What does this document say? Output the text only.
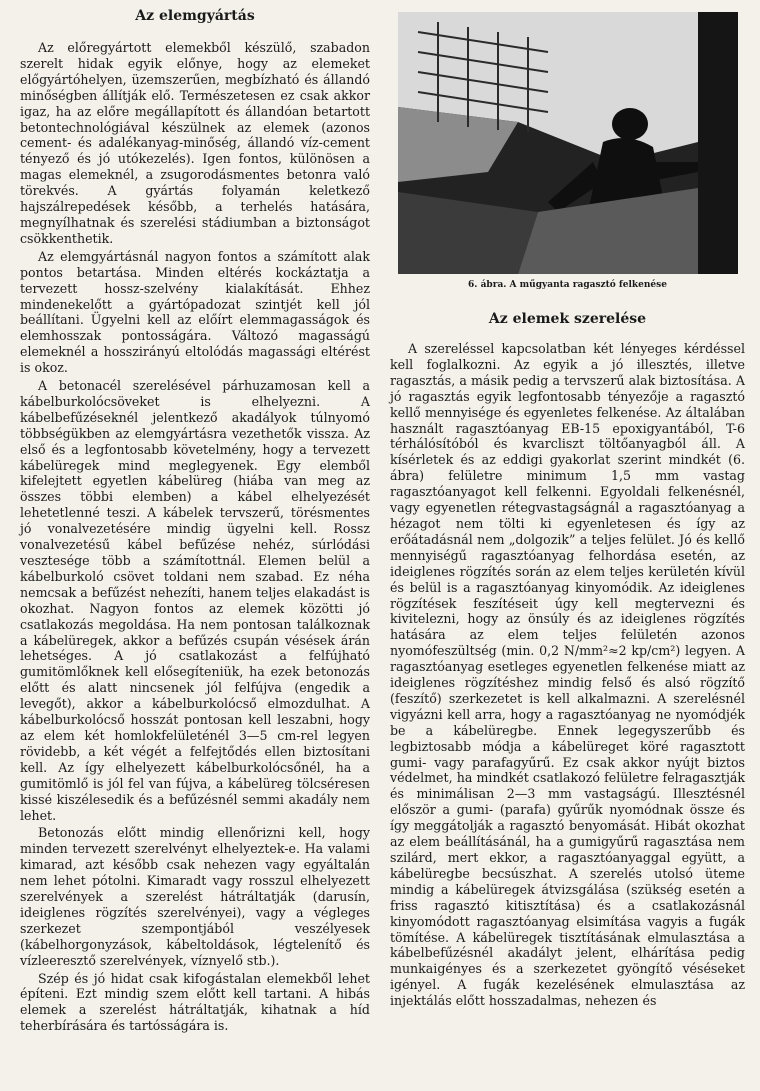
Az elemgyártás

Az előregyártott elemekből készülő, szabadon szerelt hidak egyik előnye, hogy az elemeket előgyártóhelyen, üzemszerűen, megbízható és állandó minőségben állítják elő. Természetesen ez csak akkor igaz, ha az előre megállapított és állandóan betartott betontechnológiával készülnek az elemek (azonos cement- és adalékanyag-minőség, állandó víz-cement tényező és jó utókezelés). Igen fontos, különösen a magas elemeknél, a zsugorodásmentes betonra való törekvés. A gyártás folyamán keletkező hajszálrepedések később, a terhelés hatására, megnyílhatnak és szerelési stádiumban a biztonságot csökkenthetik.

Az elemgyártásnál nagyon fontos a számított alak pontos betartása. Minden eltérés kockáztatja a tervezett hossz-szelvény kialakítását. Ehhez mindenekelőtt a gyártópadozat szintjét kell jól beállítani. Ügyelni kell az előírt elemmagasságok és elemhosszak pontosságára. Változó magasságú elemeknél a hosszirányú eltolódás magassági eltérést is okoz.

A betonacél szerelésével párhuzamosan kell a kábelburkolócsöveket is elhelyezni. A kábelbefűzéseknél jelentkező akadályok túlnyomó többségükben az elemgyártásra vezethetők vissza. Az első és a legfontosabb követelmény, hogy a tervezett kábelüregek mind meglegyenek. Egy elemből kifelejtett egyetlen kábelüreg (hiába van meg az összes többi elemben) a kábel elhelyezését lehetetlenné teszi. A kábelek tervszerű, törésmentes jó vonalvezetésére mindig ügyelni kell. Rossz vonalvezetésű kábel befűzése nehéz, súrlódási vesztesége több a számítottnál. Elemen belül a kábelburkoló csövet toldani nem szabad. Ez néha nemcsak a befűzést nehezíti, hanem teljes elakadást is okozhat. Nagyon fontos az elemek közötti jó csatlakozás megoldása. Ha nem pontosan találkoznak a kábelüregek, akkor a befűzés csupán vésések árán lehetséges. A jó csatlakozást a felfújható gumitömlőknek kell elősegíteniük, ha ezek betonozás előtt és alatt nincsenek jól felfújva (engedik a levegőt), akkor a kábelburkolócső elmozdulhat. A kábelburkolócső hosszát pontosan kell leszabni, hogy az elem két homlokfelületénél 3—5 cm-rel legyen rövidebb, a két végét a felfejtődés ellen biztosítani kell. Az így elhelyezett kábelburkolócsőnél, ha a gumitömlő is jól fel van fújva, a kábelüreg tölcséresen kissé kiszélesedik és a befűzésnél semmi akadály nem lehet.

Betonozás előtt mindig ellenőrizni kell, hogy minden tervezett szerelvényt elhelyeztek-e. Ha valami kimarad, azt később csak nehezen vagy egyáltalán nem lehet pótolni. Kimaradt vagy rosszul elhelyezett szerelvények a szerelést hátráltatják (darusín, ideiglenes rögzítés szerelvényei), vagy a végleges szerkezet szempontjából veszélyesek (kábelhorgonyzások, kábeltoldások, légtelenítő és vízleeresztő szerelvények, víznyelő stb.).

Szép és jó hidat csak kifogástalan elemekből lehet építeni. Ezt mindig szem előtt kell tartani. A hibás elemek a szerelést hátráltatják, kihatnak a híd teherbírására és tartósságára is.

6. ábra. A műgyanta ragasztó felkenése
Az elemek szerelése

A szereléssel kapcsolatban két lényeges kérdéssel kell foglalkozni. Az egyik a jó illesztés, illetve ragasztás, a másik pedig a tervszerű alak biztosítása. A jó ragasztás egyik legfontosabb tényezője a ragasztó kellő mennyisége és egyenletes felkenése. Az általában használt ragasztóanyag EB-15 epoxigyantából, T-6 térhálósítóból és kvarcliszt töltőanyagból áll. A kísérletek és az eddigi gyakorlat szerint mindkét (6. ábra) felületre minimum 1,5 mm vastag ragasztóanyagot kell felkenni. Egyoldali felkenésnél, vagy egyenetlen rétegvastagságnál a ragasztóanyag a hézagot nem tölti ki egyenletesen és így az erőátadásnál nem „dolgozik” a teljes felület. Jó és kellő mennyiségű ragasztóanyag felhordása esetén, az ideiglenes rögzítés során az elem teljes kerületén kívül és belül is a ragasztóanyag kinyomódik. Az ideiglenes rögzítések feszítéseit úgy kell megtervezni és kivitelezni, hogy az önsúly és az ideiglenes rögzítés hatására az elem teljes felületén azonos nyomófeszültség (min. 0,2 N/mm²≈2 kp/cm²) legyen. A ragasztóanyag esetleges egyenetlen felkenése miatt az ideiglenes rögzítéshez mindig felső és alsó rögzítő (feszítő) szerkezetet is kell alkalmazni. A szerelésnél vigyázni kell arra, hogy a ragasztóanyag ne nyomódjék be a kábelüregbe. Ennek legegyszerűbb és legbiztosabb módja a kábelüreget köré ragasztott gumi- vagy parafagyűrű. Ez csak akkor nyújt biztos védelmet, ha mindkét csatlakozó felületre felragasztják és minimálisan 2—3 mm vastagságú. Illesztésnél először a gumi- (parafa) gyűrűk nyomódnak össze és így meggátolják a ragasztó benyomását. Hibát okozhat az elem beállításánál, ha a gumigyűrű ragasztása nem szilárd, mert ekkor, a ragasztóanyaggal együtt, a kábelüregbe becsúszhat. A szerelés utolsó üteme mindig a kábelüregek átvizsgálása (szükség esetén a friss ragasztó kitisztítása) és a csatlakozásnál kinyomódott ragasztóanyag elsimítása vagyis a fugák tömítése. A kábelüregek tisztításának elmulasztása a kábelbefűzésnél akadályt jelent, elhárítása pedig munkaigényes és a szerkezetet gyöngítő véséseket igényel. A fugák kezelésének elmulasztása az injektálás előtt hosszadalmas, nehezen és
